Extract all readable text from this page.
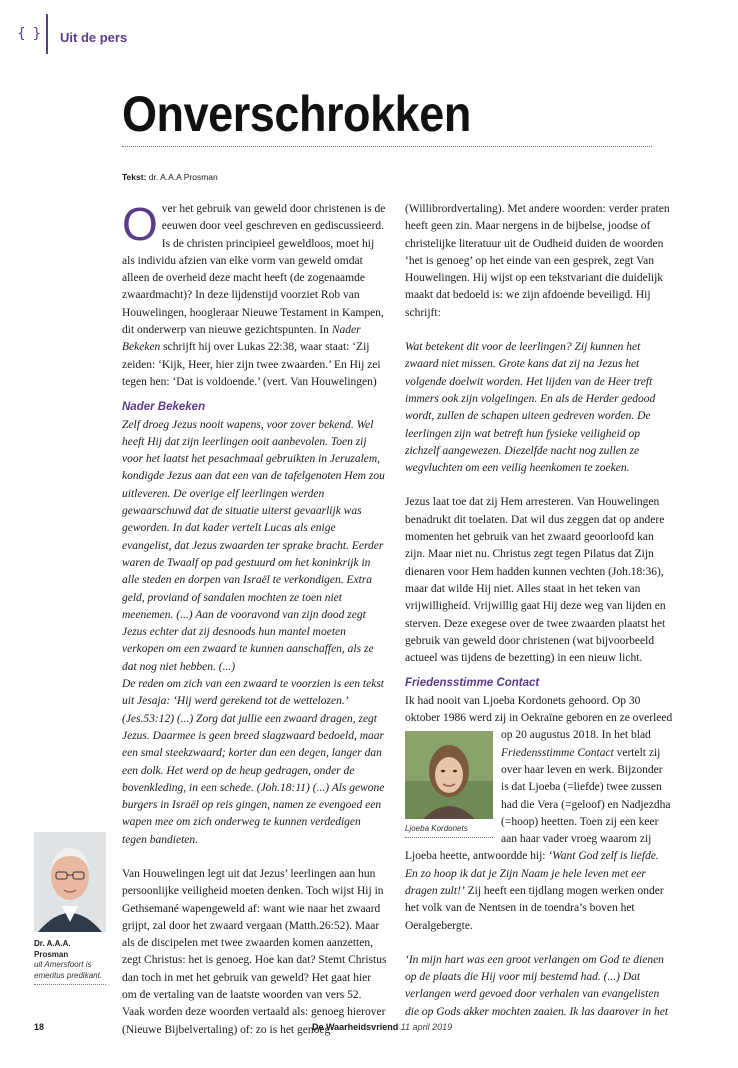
{ } Uit de pers
Onverschrokken
Tekst: dr. A.A.A Prosman

Over het gebruik van geweld door christenen is de eeuwen door veel geschreven en gediscussieerd. Is de christen principieel geweldloos, moet hij als individu afzien van elke vorm van geweld omdat alleen de overheid deze macht heeft (de zogenaamde zwaardmacht)? In deze lijdenstijd voorziet Rob van Houwelingen, hoogleraar Nieuwe Testament in Kampen, dit onderwerp van nieuwe gezichtspunten. In Nader Bekeken schrijft hij over Lukas 22:38, waar staat: ‘Zij zeiden: ‘Kijk, Heer, hier zijn twee zwaarden.’ En Hij zei tegen hen: ‘Dat is voldoende.’ (vert. Van Houwelingen)

Nader Bekeken

Zelf droeg Jezus nooit wapens, voor zover bekend. Wel heeft Hij dat zijn leerlingen ooit aanbevolen. Toen zij voor het laatst het pesachmaal gebruikten in Jeruzalem, kondigde Jezus aan dat een van de tafelgenoten Hem zou uitleveren. De overige elf leerlingen werden gewaarschuwd dat de situatie uiterst gevaarlijk was geworden. In dat kader vertelt Lucas als enige evangelist, dat Jezus zwaarden ter sprake bracht. Eerder waren de Twaalf op pad gestuurd om het koninkrijk in alle steden en dorpen van Israël te verkondigen. Extra geld, proviand of sandalen mochten ze toen niet meenemen. (...) Aan de vooravond van zijn dood zegt Jezus echter dat zij desnoods hun mantel moeten verkopen om een zwaard te kunnen aanschaffen, als ze dat nog niet hebben. (...)

De reden om zich van een zwaard te voorzien is een tekst uit Jesaja: ‘Hij werd gerekend tot de wettelozen.’ (Jes.53:12) (...) Zorg dat jullie een zwaard dragen, zegt Jezus. Daarmee is geen breed slagzwaard bedoeld, maar een smal steekzwaard; korter dan een degen, langer dan een dolk. Het werd op de heup gedragen, onder de bovenkleding, in een schede. (Joh.18:11) (...) Als gewone burgers in Israël op reis gingen, namen ze evengoed een wapen mee om zich onderweg te kunnen verdedigen tegen bandieten.

Van Houwelingen legt uit dat Jezus’ leerlingen aan hun persoonlijke veiligheid moeten denken. Toch wijst Hij in Gethsemané wapengeweld af: want wie naar het zwaard grijpt, zal door het zwaard vergaan (Matth.26:52). Maar als de discipelen met twee zwaarden komen aanzetten, zegt Christus: het is genoeg. Hoe kan dat? Stemt Christus dan toch in met het gebruik van geweld? Het gaat hier om de vertaling van de laatste woorden van vers 52. Vaak worden deze woorden vertaald als: genoeg hierover (Nieuwe Bijbelvertaling) of: zo is het genoeg

(Willibrordvertaling). Met andere woorden: verder praten heeft geen zin. Maar nergens in de bijbelse, joodse of christelijke literatuur uit de Oudheid duiden de woorden ‘het is genoeg’ op het einde van een gesprek, zegt Van Houwelingen. Hij wijst op een tekstvariant die duidelijk maakt dat bedoeld is: we zijn afdoende beveiligd. Hij schrijft:

Wat betekent dit voor de leerlingen? Zij kunnen het zwaard niet missen. Grote kans dat zij na Jezus het volgende doelwit worden. Het lijden van de Heer treft immers ook zijn volgelingen. En als de Herder gedood wordt, zullen de schapen uiteen gedreven worden. De leerlingen zijn wat betreft hun fysieke veiligheid op zichzelf aangewezen. Diezelfde nacht nog zullen ze wegvluchten om een veilig heenkomen te zoeken.

Jezus laat toe dat zij Hem arresteren. Van Houwelingen benadrukt dit toelaten. Dat wil dus zeggen dat op andere momenten het gebruik van het zwaard geoorloofd kan zijn. Maar niet nu. Christus zegt tegen Pilatus dat Zijn dienaren voor Hem hadden kunnen vechten (Joh.18:36), maar dat wilde Hij niet. Alles staat in het teken van vrijwilligheid. Vrijwillig gaat Hij deze weg van lijden en sterven. Deze exegese over de twee zwaarden plaatst het gebruik van geweld door christenen (wat bijvoorbeeld actueel was tijdens de bezetting) in een nieuw licht.

Friedensstimme Contact

Ik had nooit van Ljoeba Kordonets gehoord. Op 30 oktober 1986 werd zij in Oekraïne geboren en ze overleed op 20 augustus 2018. In het blad
Ljoeba Kordonets
Friedensstimme Contact vertelt zij over haar leven en werk. Bijzonder is dat Ljoeba (=liefde) twee zussen had die Vera (=geloof) en Nadjezdha (=hoop) heetten. Toen zij een keer aan haar vader vroeg waarom zij Ljoeba heette, antwoordde hij: ‘Want God zelf is liefde. En zo hoop ik dat je Zijn Naam je hele leven met eer dragen zult!’ Zij heeft een tijdlang mogen werken onder het volk van de Nentsen in de toendra’s boven het Oeralgebergte.

‘In mijn hart was een groot verlangen om God te dienen op de plaats die Hij voor mij bestemd had. (...) Dat verlangen werd gevoed door verhalen van evangelisten die op Gods akker mochten zaaien. Ik las daarover in het

Dr. A.A.A. Prosman
uit Amersfoort is emeritus predikant.
18	De Waarheidsvriend 11 april 2019
